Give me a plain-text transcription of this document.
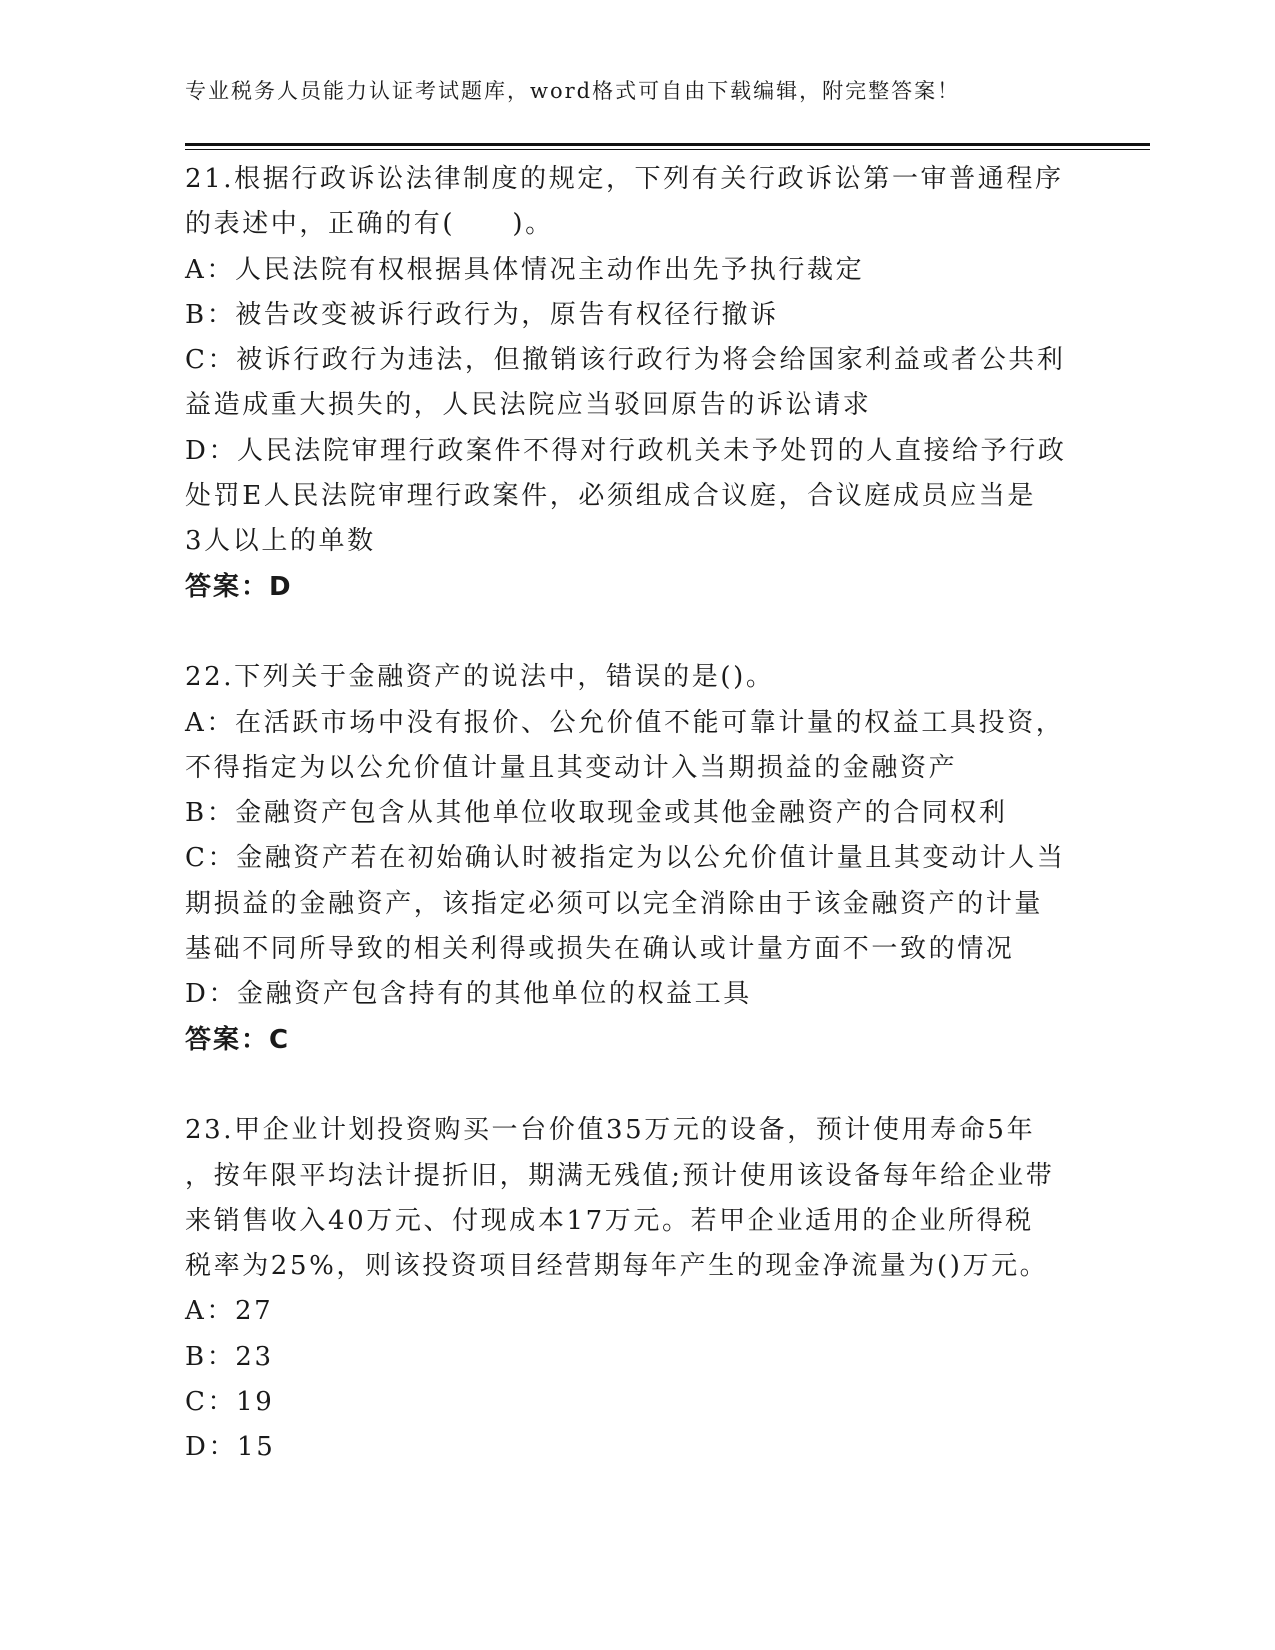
专业税务人员能力认证考试题库，word格式可自由下载编辑，附完整答案！
21.根据行政诉讼法律制度的规定，下列有关行政诉讼第一审普通程序
的表述中，正确的有(　　)。
A：人民法院有权根据具体情况主动作出先予执行裁定
B：被告改变被诉行政行为，原告有权径行撤诉
C：被诉行政行为违法，但撤销该行政行为将会给国家利益或者公共利
益造成重大损失的，人民法院应当驳回原告的诉讼请求
D：人民法院审理行政案件不得对行政机关未予处罚的人直接给予行政
处罚E人民法院审理行政案件，必须组成合议庭，合议庭成员应当是
3人以上的单数
答案：D
22.下列关于金融资产的说法中，错误的是()。
A：在活跃市场中没有报价、公允价值不能可靠计量的权益工具投资，
不得指定为以公允价值计量且其变动计入当期损益的金融资产
B：金融资产包含从其他单位收取现金或其他金融资产的合同权利
C：金融资产若在初始确认时被指定为以公允价值计量且其变动计人当
期损益的金融资产，该指定必须可以完全消除由于该金融资产的计量
基础不同所导致的相关利得或损失在确认或计量方面不一致的情况
D：金融资产包含持有的其他单位的权益工具
答案：C
23.甲企业计划投资购买一台价值35万元的设备，预计使用寿命5年
，按年限平均法计提折旧，期满无残值;预计使用该设备每年给企业带
来销售收入40万元、付现成本17万元。若甲企业适用的企业所得税
税率为25%，则该投资项目经营期每年产生的现金净流量为()万元。
A：27
B：23
C：19
D：15
